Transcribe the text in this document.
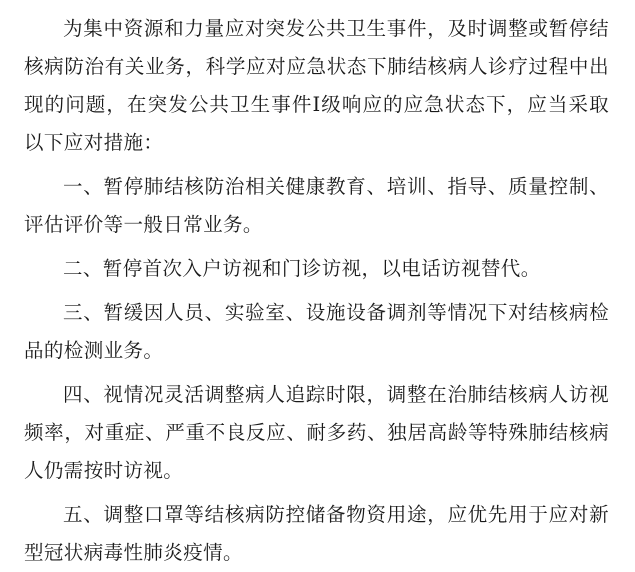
为集中资源和力量应对突发公共卫生事件，及时调整或暂停结核病防治有关业务，科学应对应急状态下肺结核病人诊疗过程中出现的问题，在突发公共卫生事件Ⅰ级响应的应急状态下，应当采取以下应对措施：

一、暂停肺结核防治相关健康教育、培训、指导、质量控制、评估评价等一般日常业务。

二、暂停首次入户访视和门诊访视，以电话访视替代。

三、暂缓因人员、实验室、设施设备调剂等情况下对结核病检品的检测业务。

四、视情况灵活调整病人追踪时限，调整在治肺结核病人访视频率，对重症、严重不良反应、耐多药、独居高龄等特殊肺结核病人仍需按时访视。

五、调整口罩等结核病防控储备物资用途，应优先用于应对新型冠状病毒性肺炎疫情。
